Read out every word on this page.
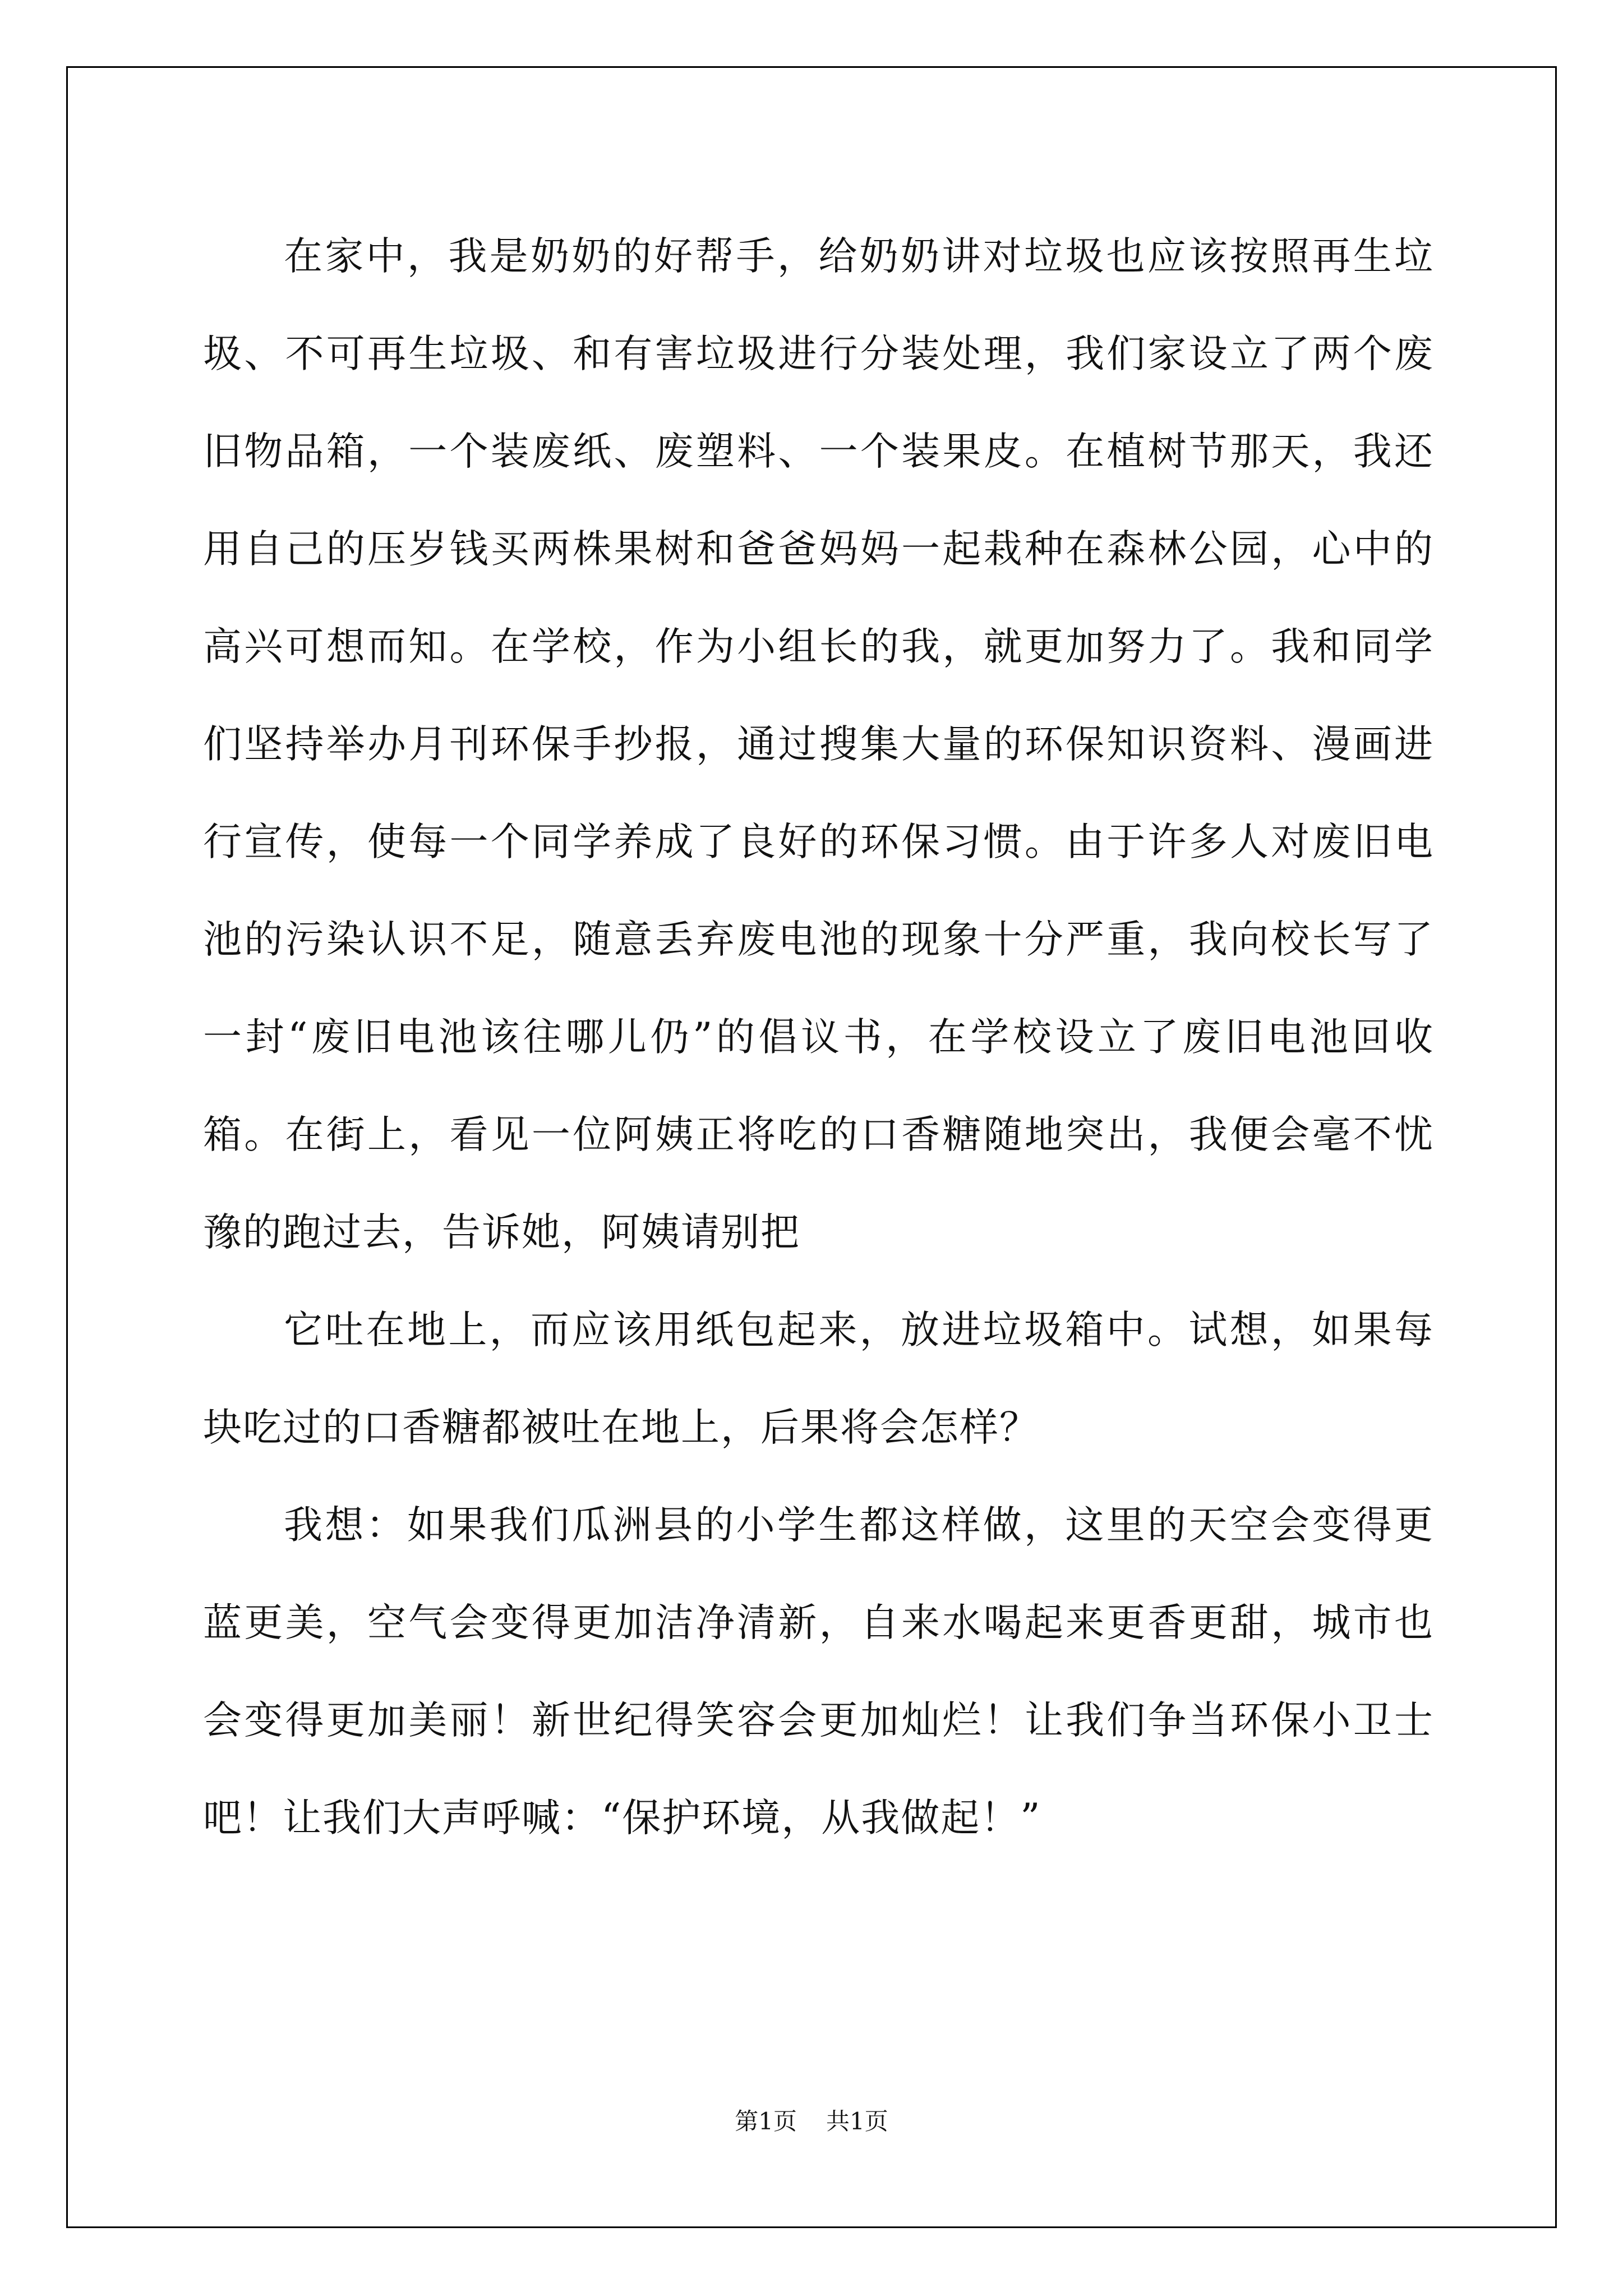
在家中，我是奶奶的好帮手，给奶奶讲对垃圾也应该按照再生垃圾、不可再生垃圾、和有害垃圾进行分装处理，我们家设立了两个废旧物品箱，一个装废纸、废塑料、一个装果皮。在植树节那天，我还用自己的压岁钱买两株果树和爸爸妈妈一起栽种在森林公园，心中的高兴可想而知。在学校，作为小组长的我，就更加努力了。我和同学们坚持举办月刊环保手抄报，通过搜集大量的环保知识资料、漫画进行宣传，使每一个同学养成了良好的环保习惯。由于许多人对废旧电池的污染认识不足，随意丢弃废电池的现象十分严重，我向校长写了一封“废旧电池该往哪儿仍”的倡议书，在学校设立了废旧电池回收箱。在街上，看见一位阿姨正将吃的口香糖随地突出，我便会毫不忧豫的跑过去，告诉她，阿姨请别把

它吐在地上，而应该用纸包起来，放进垃圾箱中。试想，如果每块吃过的口香糖都被吐在地上，后果将会怎样？

我想：如果我们瓜洲县的小学生都这样做，这里的天空会变得更蓝更美，空气会变得更加洁净清新，自来水喝起来更香更甜，城市也会变得更加美丽！新世纪得笑容会更加灿烂！让我们争当环保小卫士吧！让我们大声呼喊：“保护环境，从我做起！”

第1页 共1页
